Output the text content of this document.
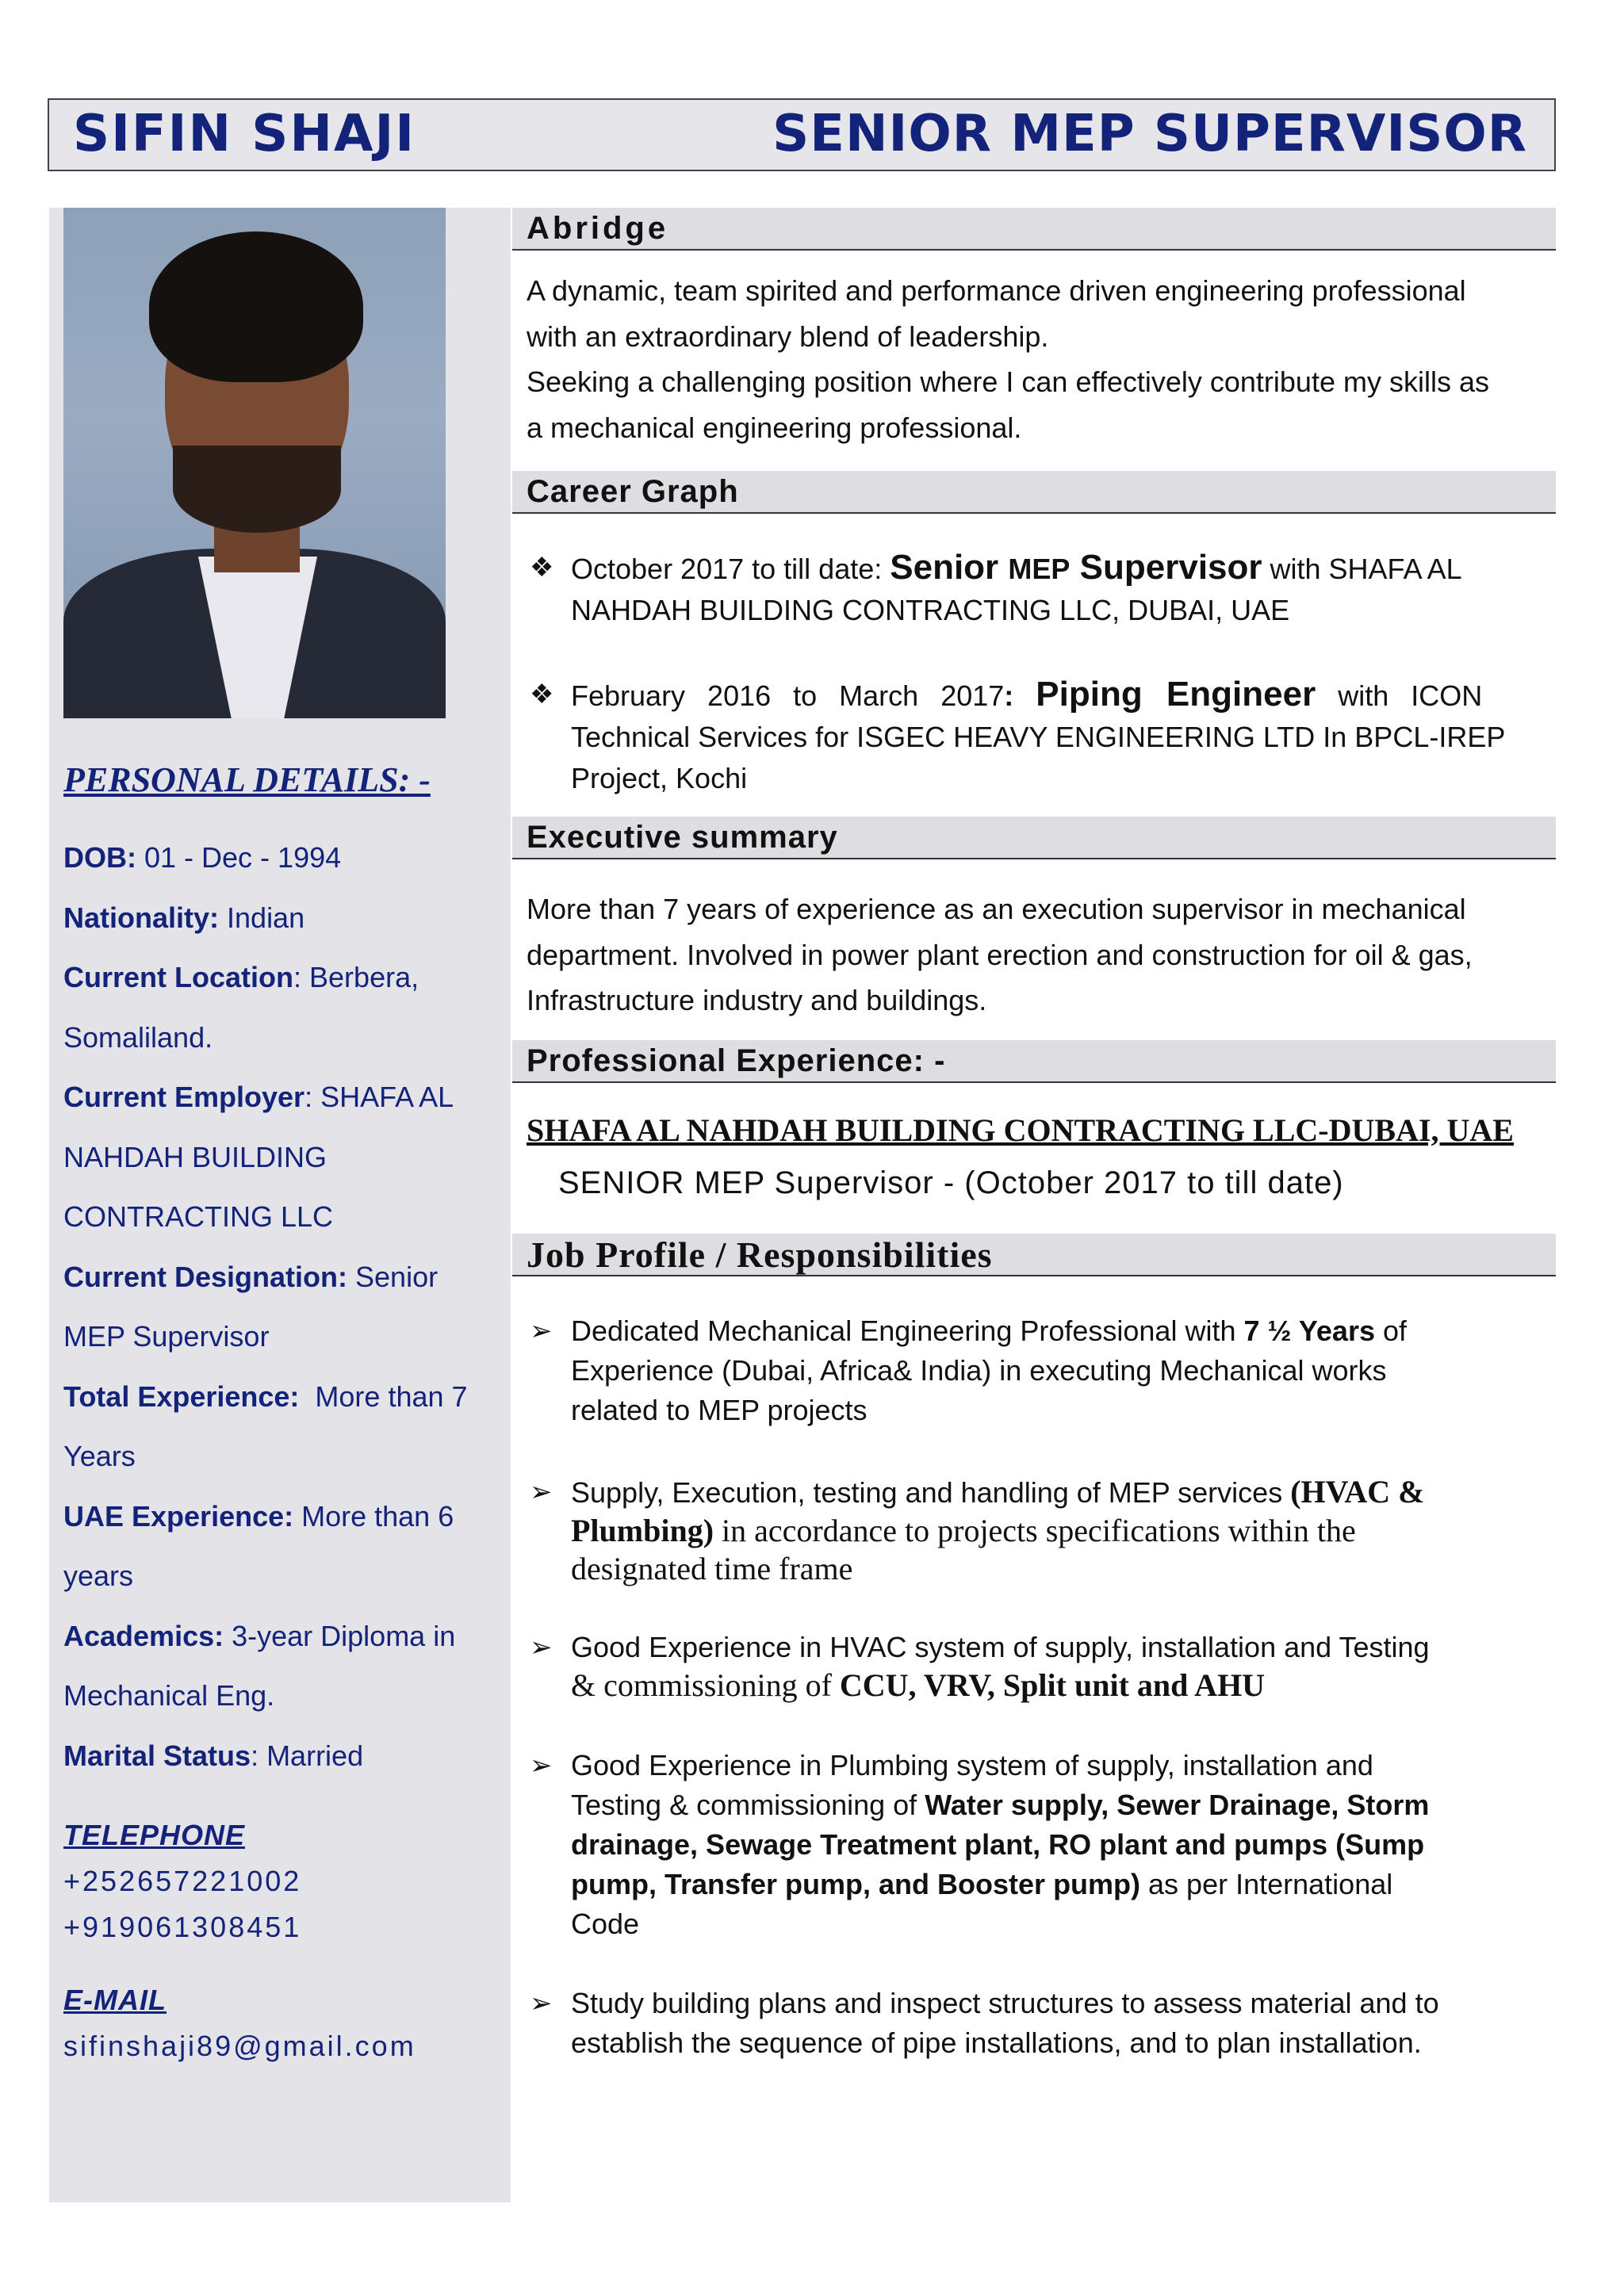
SIFIN SHAJI	SENIOR MEP SUPERVISOR
PERSONAL DETAILS: -
DOB: 01 - Dec - 1994
Nationality: Indian
Current Location: Berbera,
Somaliland.
Current Employer: SHAFA AL
NAHDAH BUILDING
CONTRACTING LLC
Current Designation: Senior
MEP Supervisor
Total Experience:  More than 7
Years
UAE Experience: More than 6
years
Academics: 3-year Diploma in
Mechanical Eng.
Marital Status: Married
TELEPHONE
+252657221002
+919061308451
E-MAIL
sifinshaji89@gmail.com
Abridge
A dynamic, team spirited and performance driven engineering professional
with an extraordinary blend of leadership.
Seeking a challenging position where I can effectively contribute my skills as
a mechanical engineering professional.
Career Graph
❖ October 2017 to till date: Senior MEP Supervisor with SHAFA AL
NAHDAH BUILDING CONTRACTING LLC, DUBAI, UAE
❖ February 2016 to March 2017: Piping Engineer with ICON
Technical Services for ISGEC HEAVY ENGINEERING LTD In BPCL-IREP
Project, Kochi
Executive summary
More than 7 years of experience as an execution supervisor in mechanical
department. Involved in power plant erection and construction for oil & gas,
Infrastructure industry and buildings.
Professional Experience: -
SHAFA AL NAHDAH BUILDING CONTRACTING LLC-DUBAI, UAE
SENIOR MEP Supervisor - (October 2017 to till date)
Job Profile / Responsibilities
➢ Dedicated Mechanical Engineering Professional with 7 ½ Years of
Experience (Dubai, Africa& India) in executing Mechanical works
related to MEP projects
➢ Supply, Execution, testing and handling of MEP services (HVAC &
Plumbing) in accordance to projects specifications within the
designated time frame
➢ Good Experience in HVAC system of supply, installation and Testing
& commissioning of CCU, VRV, Split unit and AHU
➢ Good Experience in Plumbing system of supply, installation and
Testing & commissioning of Water supply, Sewer Drainage, Storm
drainage, Sewage Treatment plant, RO plant and pumps (Sump
pump, Transfer pump, and Booster pump) as per International
Code
➢ Study building plans and inspect structures to assess material and to
establish the sequence of pipe installations, and to plan installation.
